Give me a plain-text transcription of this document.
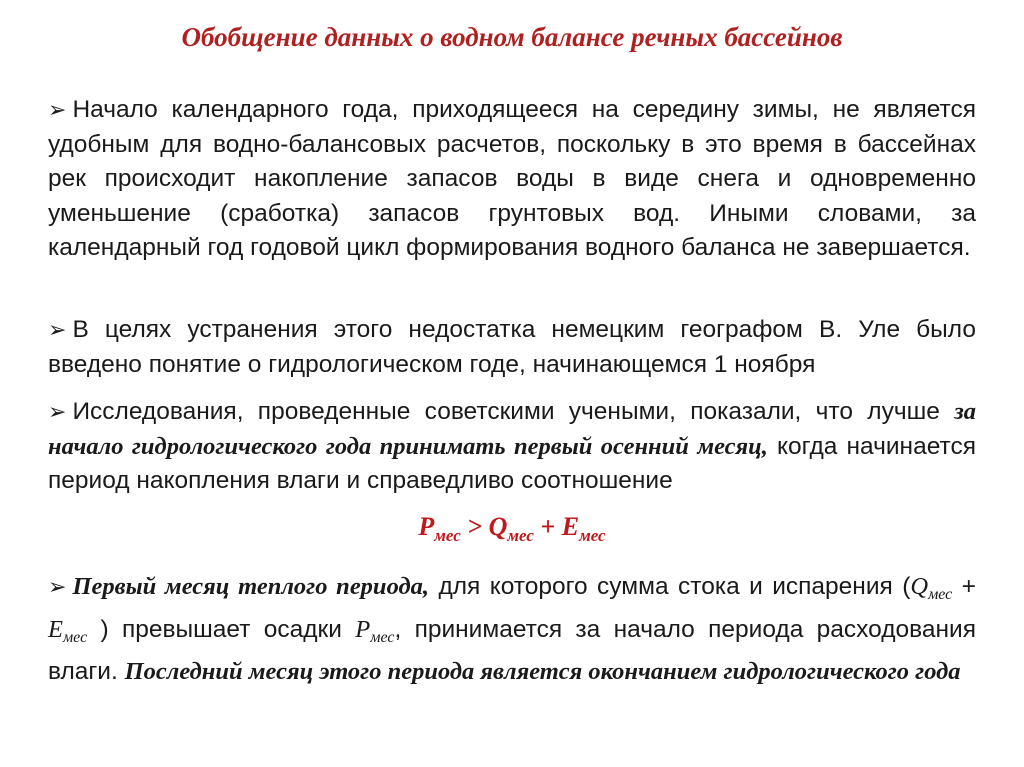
Обобщение данных о водном балансе речных бассейнов
➢ Начало календарного года, приходящееся на середину зимы, не является удобным для водно-балансовых расчетов, поскольку в это время в бассейнах рек происходит накопление запасов воды в виде снега и одновременно уменьшение (сработка) запасов грунтовых вод. Иными словами, за календарный год годовой цикл формирования водного баланса не завершается.
➢ В целях устранения этого недостатка немецким географом В. Уле было введено понятие о гидрологическом годе, начинающемся 1 ноября
➢ Исследования, проведенные советскими учеными, показали, что лучше за начало гидрологического года принимать первый осенний месяц, когда начинается период накопления влаги и справедливо соотношение
$P_{мес} > Q_{мес} + E_{мес}$
➢ Первый месяц теплого периода, для которого сумма стока и испарения ($Q_{мес} + E_{мес}$ ) превышает осадки $P_{мес}$, принимается за начало периода расходования влаги. Последний месяц этого периода является окончанием гидрологического года
